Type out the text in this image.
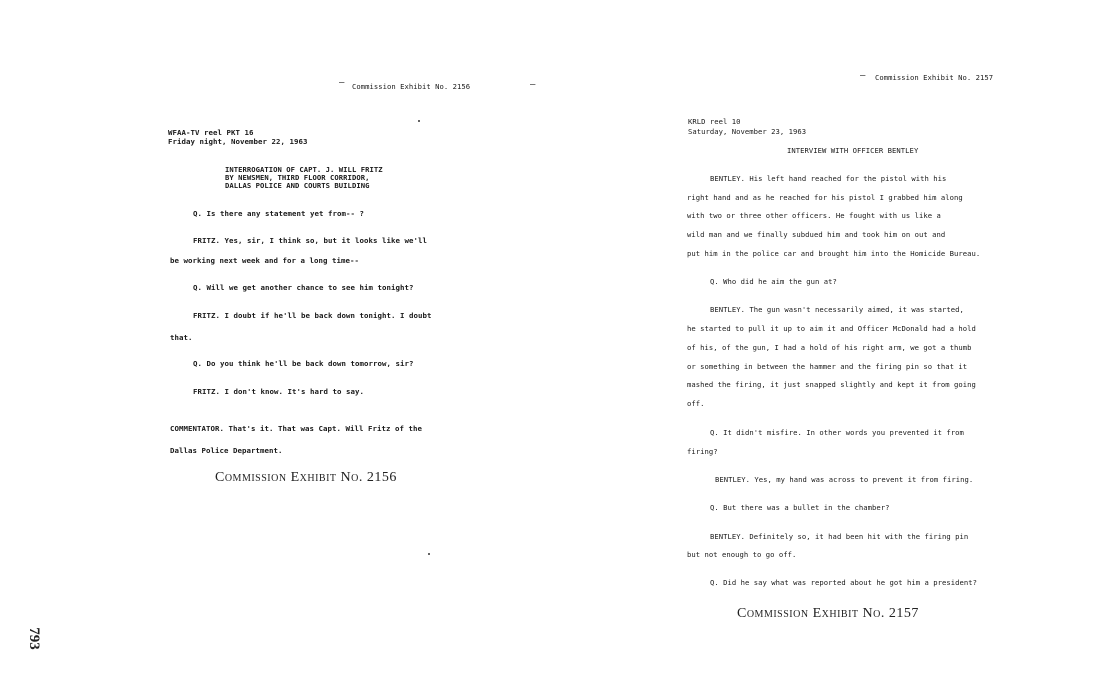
— Commission Exhibit No. 2156	—
WFAA-TV reel PKT 16
Friday night, November 22, 1963
INTERROGATION OF CAPT. J. WILL FRITZ
BY NEWSMEN, THIRD FLOOR CORRIDOR,
DALLAS POLICE AND COURTS BUILDING
Q. Is there any statement yet from-- ?
FRITZ. Yes, sir, I think so, but it looks like we'll
be working next week and for a long time--
Q. Will we get another chance to see him tonight?
FRITZ. I doubt if he'll be back down tonight. I doubt
that.
Q. Do you think he'll be back down tomorrow, sir?
FRITZ. I don't know. It's hard to say.
COMMENTATOR. That's it. That was Capt. Will Fritz of the
Dallas Police Department.
Commission Exhibit No. 2156
793
— Commission Exhibit No. 2157
KRLD reel 10
Saturday, November 23, 1963
INTERVIEW WITH OFFICER BENTLEY
BENTLEY. His left hand reached for the pistol with his
right hand and as he reached for his pistol I grabbed him along
with two or three other officers. He fought with us like a
wild man and we finally subdued him and took him on out and
put him in the police car and brought him into the Homicide Bureau.
Q. Who did he aim the gun at?
BENTLEY. The gun wasn't necessarily aimed, it was started,
he started to pull it up to aim it and Officer McDonald had a hold
of his, of the gun, I had a hold of his right arm, we got a thumb
or something in between the hammer and the firing pin so that it
mashed the firing, it just snapped slightly and kept it from going
off.
Q. It didn't misfire. In other words you prevented it from
firing?
BENTLEY. Yes, my hand was across to prevent it from firing.
Q. But there was a bullet in the chamber?
BENTLEY. Definitely so, it had been hit with the firing pin
but not enough to go off.
Q. Did he say what was reported about he got him a president?
Commission Exhibit No. 2157
